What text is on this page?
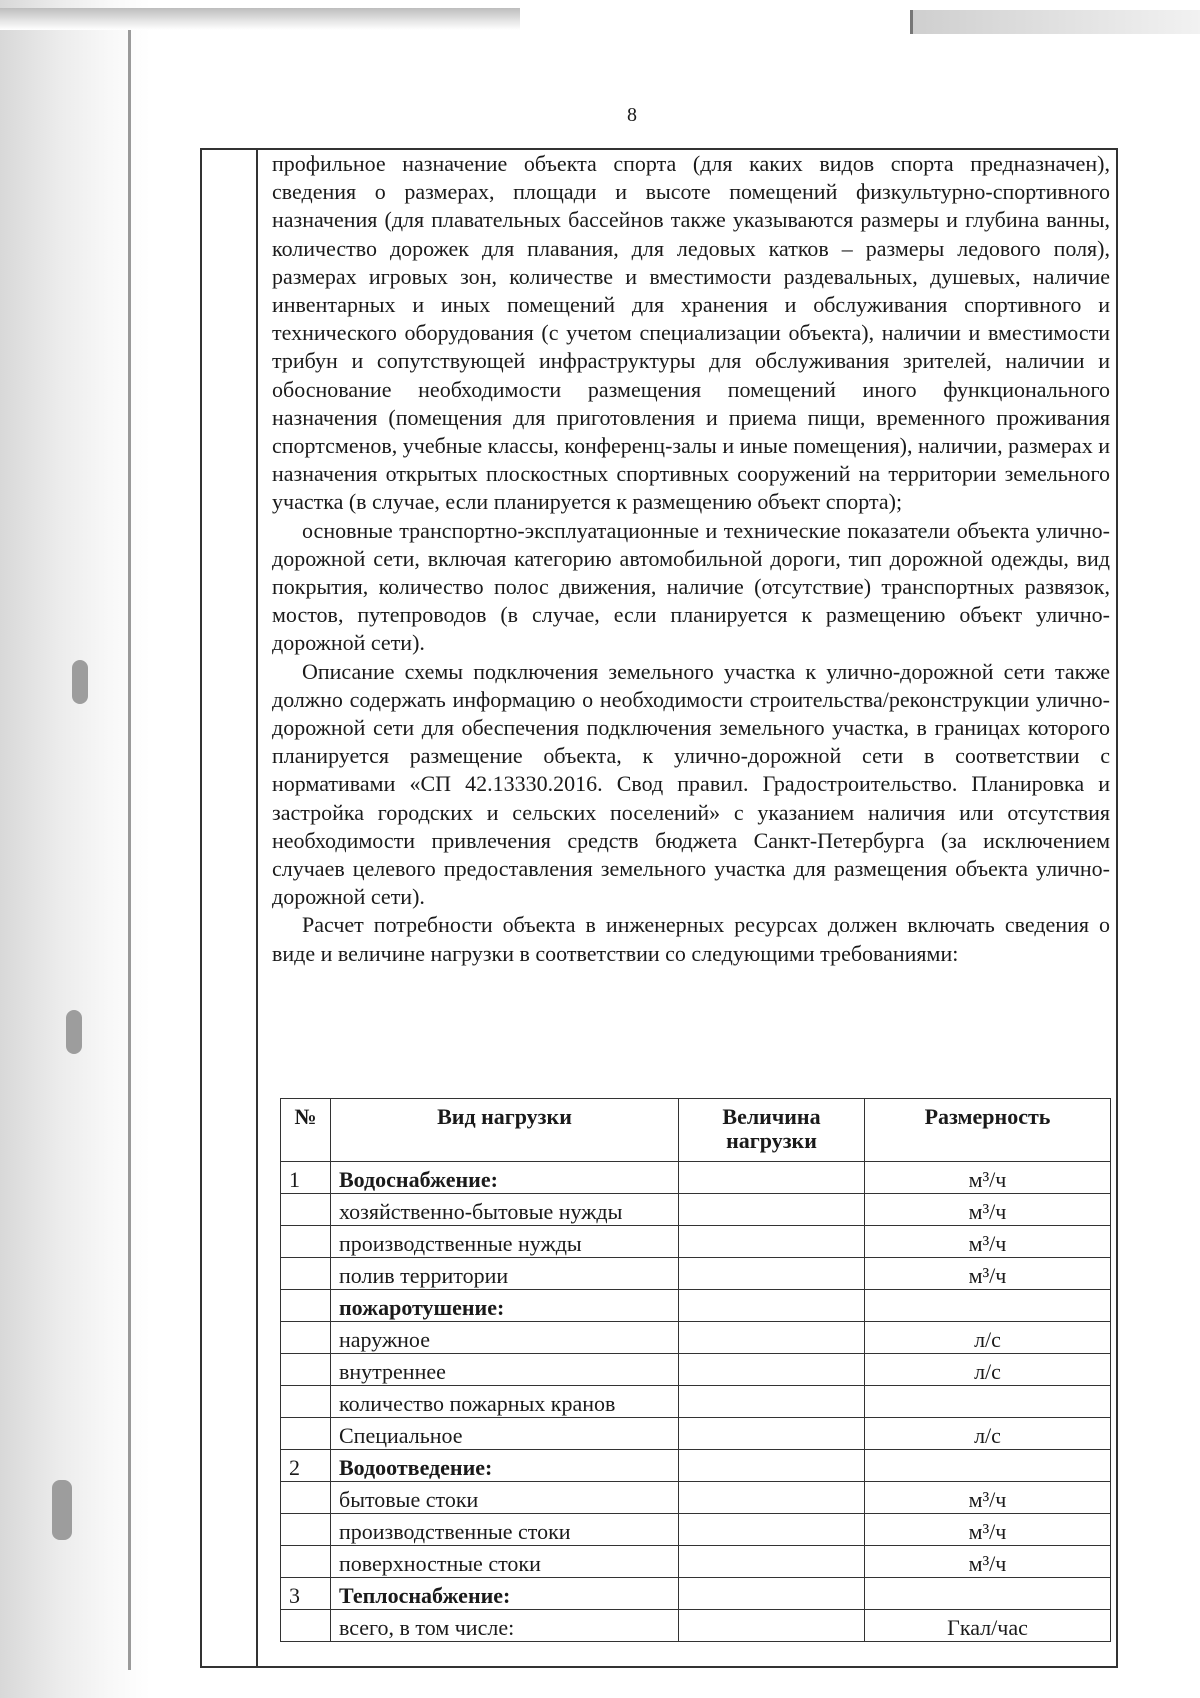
8

профильное назначение объекта спорта (для каких видов спорта предназначен), сведения о размерах, площади и высоте помещений физкультурно-спортивного назначения (для плавательных бассейнов также указываются размеры и глубина ванны, количество дорожек для плавания, для ледовых катков – размеры ледового поля), размерах игровых зон, количестве и вместимости раздевальных, душевых, наличие инвентарных и иных помещений для хранения и обслуживания спортивного и технического оборудования (с учетом специализации объекта), наличии и вместимости трибун и сопутствующей инфраструктуры для обслуживания зрителей, наличии и обоснование необходимости размещения помещений иного функционального назначения (помещения для приготовления и приема пищи, временного проживания спортсменов, учебные классы, конференц-залы и иные помещения), наличии, размерах и назначения открытых плоскостных спортивных сооружений на территории земельного участка (в случае, если планируется к размещению объект спорта);

основные транспортно-эксплуатационные и технические показатели объекта улично-дорожной сети, включая категорию автомобильной дороги, тип дорожной одежды, вид покрытия, количество полос движения, наличие (отсутствие) транспортных развязок, мостов, путепроводов (в случае, если планируется к размещению объект улично-дорожной сети).

Описание схемы подключения земельного участка к улично-дорожной сети также должно содержать информацию о необходимости строительства/реконструкции улично-дорожной сети для обеспечения подключения земельного участка, в границах которого планируется размещение объекта, к улично-дорожной сети в соответствии с нормативами «СП 42.13330.2016. Свод правил. Градостроительство. Планировка и застройка городских и сельских поселений» с указанием наличия или отсутствия необходимости привлечения средств бюджета Санкт-Петербурга (за исключением случаев целевого предоставления земельного участка для размещения объекта улично-дорожной сети).

Расчет потребности объекта в инженерных ресурсах должен включать сведения о виде и величине нагрузки в соответствии со следующими требованиями:

№	Вид нагрузки	Величина нагрузки	Размерность
1	Водоснабжение:		м³/ч
	хозяйственно-бытовые нужды		м³/ч
	производственные нужды		м³/ч
	полив территории		м³/ч
	пожаротушение:		
	наружное		л/с
	внутреннее		л/с
	количество пожарных кранов		
	Специальное		л/с
2	Водоотведение:		
	бытовые стоки		м³/ч
	производственные стоки		м³/ч
	поверхностные стоки		м³/ч
3	Теплоснабжение:		
	всего, в том числе:		Гкал/час
